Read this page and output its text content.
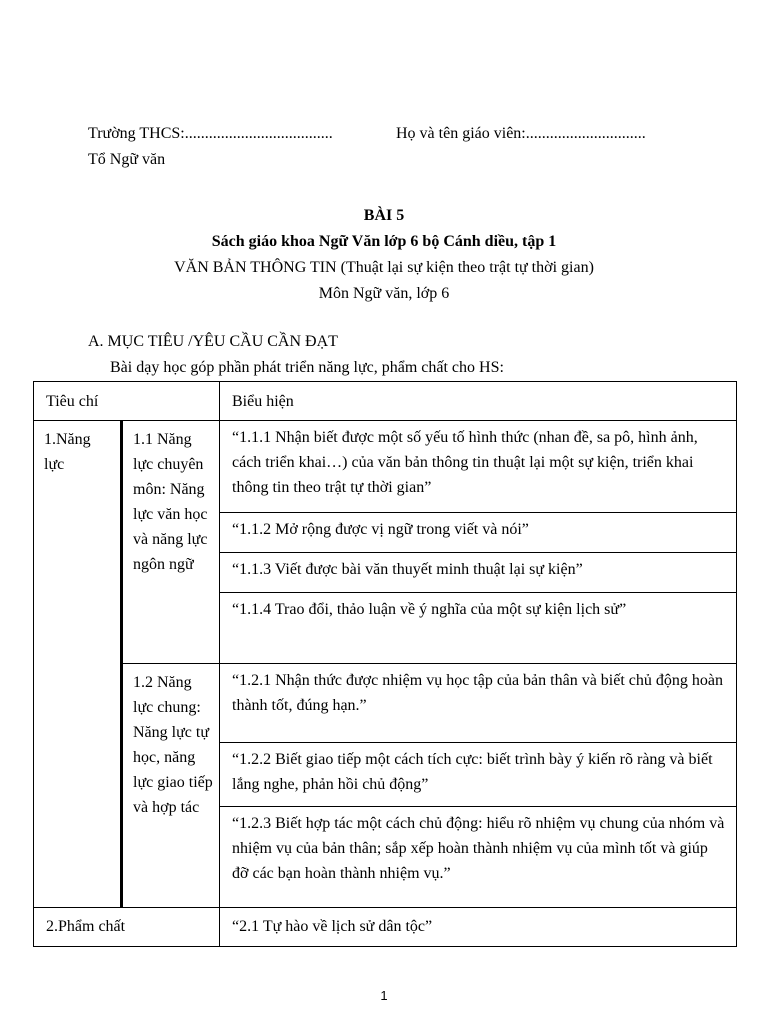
Trường THCS:.....................................	Họ và tên giáo viên:..............................
Tổ Ngữ văn
BÀI 5
Sách giáo khoa Ngữ Văn lớp 6 bộ Cánh diều, tập 1
VĂN BẢN THÔNG TIN (Thuật lại sự kiện theo trật tự thời gian)
Môn Ngữ văn, lớp 6
A. MỤC TIÊU /YÊU CẦU CẦN ĐẠT
Bài dạy học góp phần phát triển năng lực, phẩm chất cho HS:
Tiêu chí		Biểu hiện

1.Năng lực	1.1 Năng lực chuyên môn: Năng lực văn học và năng lực ngôn ngữ	“1.1.1 Nhận biết được một số yếu tố hình thức (nhan đề, sa pô, hình ảnh, cách triển khai…) của văn bản thông tin thuật lại một sự kiện, triển khai thông tin theo trật tự thời gian”

		“1.1.2 Mở rộng được vị ngữ trong viết và nói”

		“1.1.3 Viết được bài văn thuyết minh thuật lại sự kiện”

		“1.1.4 Trao đổi, thảo luận về ý nghĩa của một sự kiện lịch sử”

	1.2 Năng lực chung: Năng lực tự học, năng lực giao tiếp và hợp tác	“1.2.1 Nhận thức được nhiệm vụ học tập của bản thân và biết chủ động hoàn thành tốt, đúng hạn.”

		“1.2.2 Biết giao tiếp một cách tích cực: biết trình bày ý kiến rõ ràng và biết lắng nghe, phản hồi chủ động”

		“1.2.3 Biết hợp tác một cách chủ động: hiểu rõ nhiệm vụ chung của nhóm và nhiệm vụ của bản thân; sắp xếp hoàn thành nhiệm vụ của mình tốt và giúp đỡ các bạn hoàn thành nhiệm vụ.”

2.Phẩm chất		“2.1 Tự hào về lịch sử dân tộc”
1
